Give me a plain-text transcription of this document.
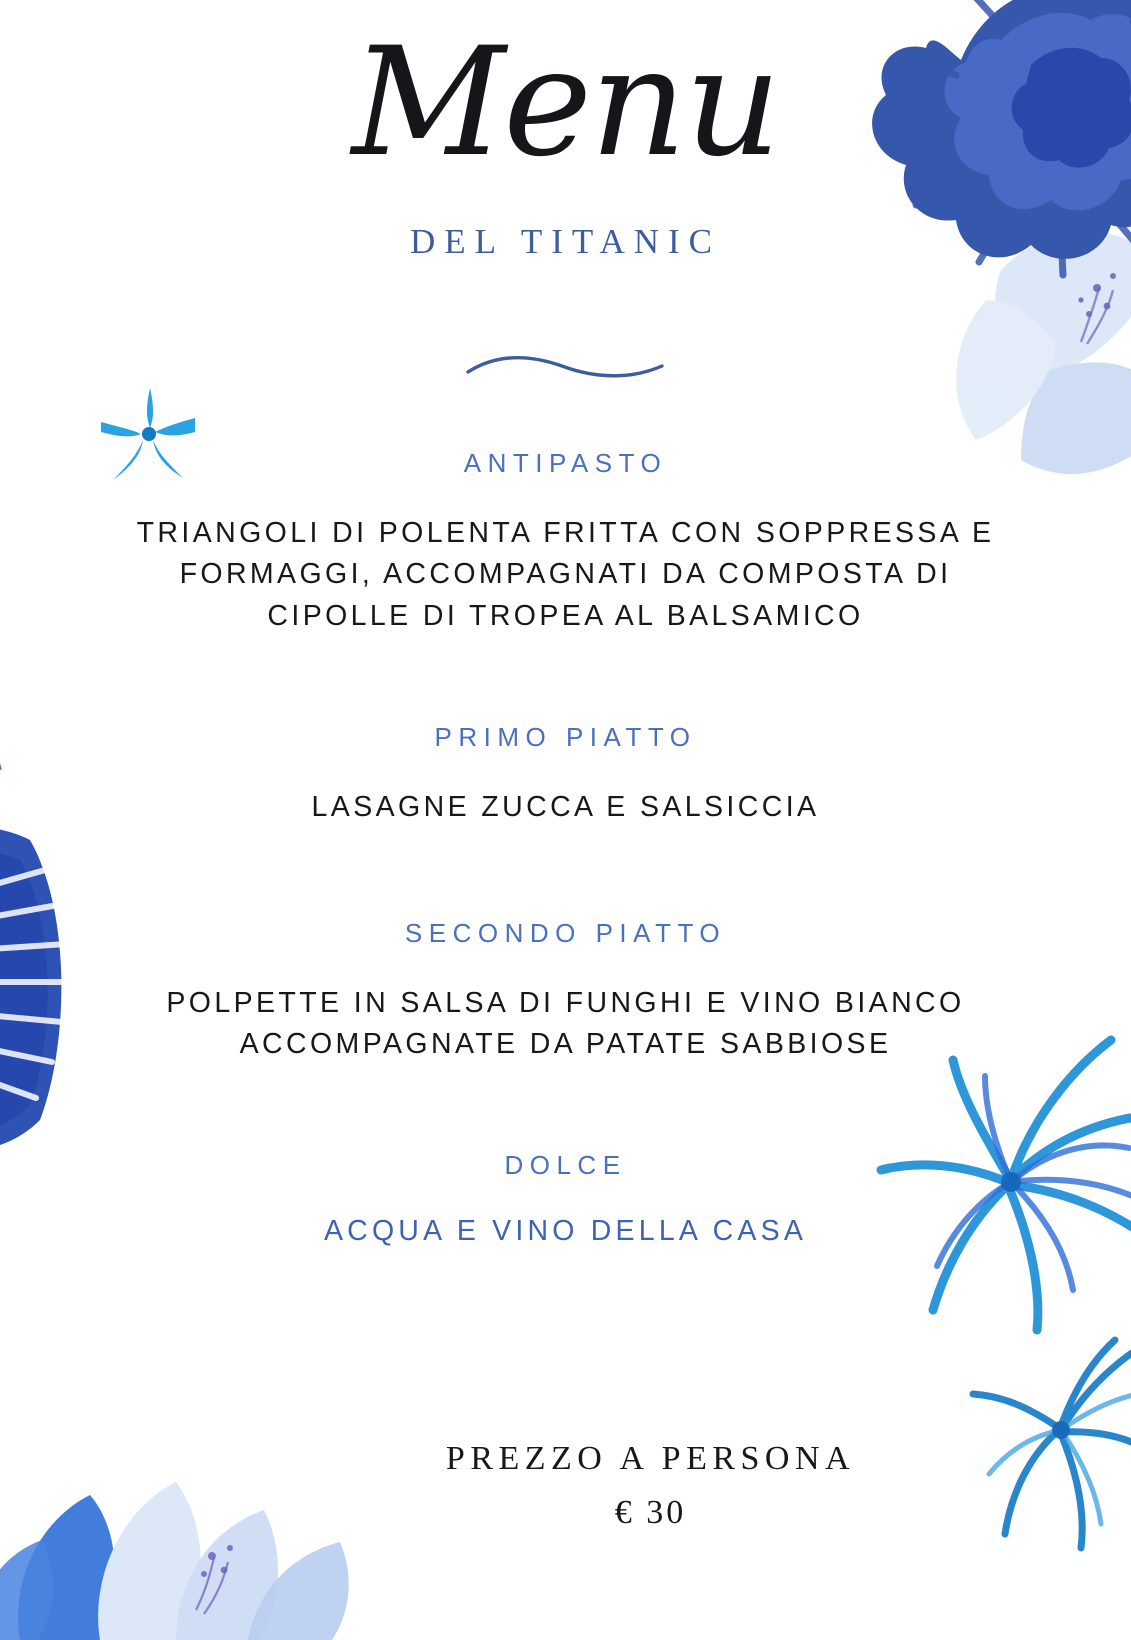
Menu
DEL TITANIC
ANTIPASTO
TRIANGOLI DI POLENTA FRITTA CON SOPPRESSA E FORMAGGI, ACCOMPAGNATI DA COMPOSTA DI CIPOLLE DI TROPEA AL BALSAMICO
PRIMO PIATTO
LASAGNE ZUCCA E SALSICCIA
SECONDO PIATTO
POLPETTE IN SALSA DI FUNGHI E VINO BIANCO ACCOMPAGNATE DA PATATE SABBIOSE
DOLCE
ACQUA E VINO DELLA CASA
PREZZO A PERSONA
€ 30
